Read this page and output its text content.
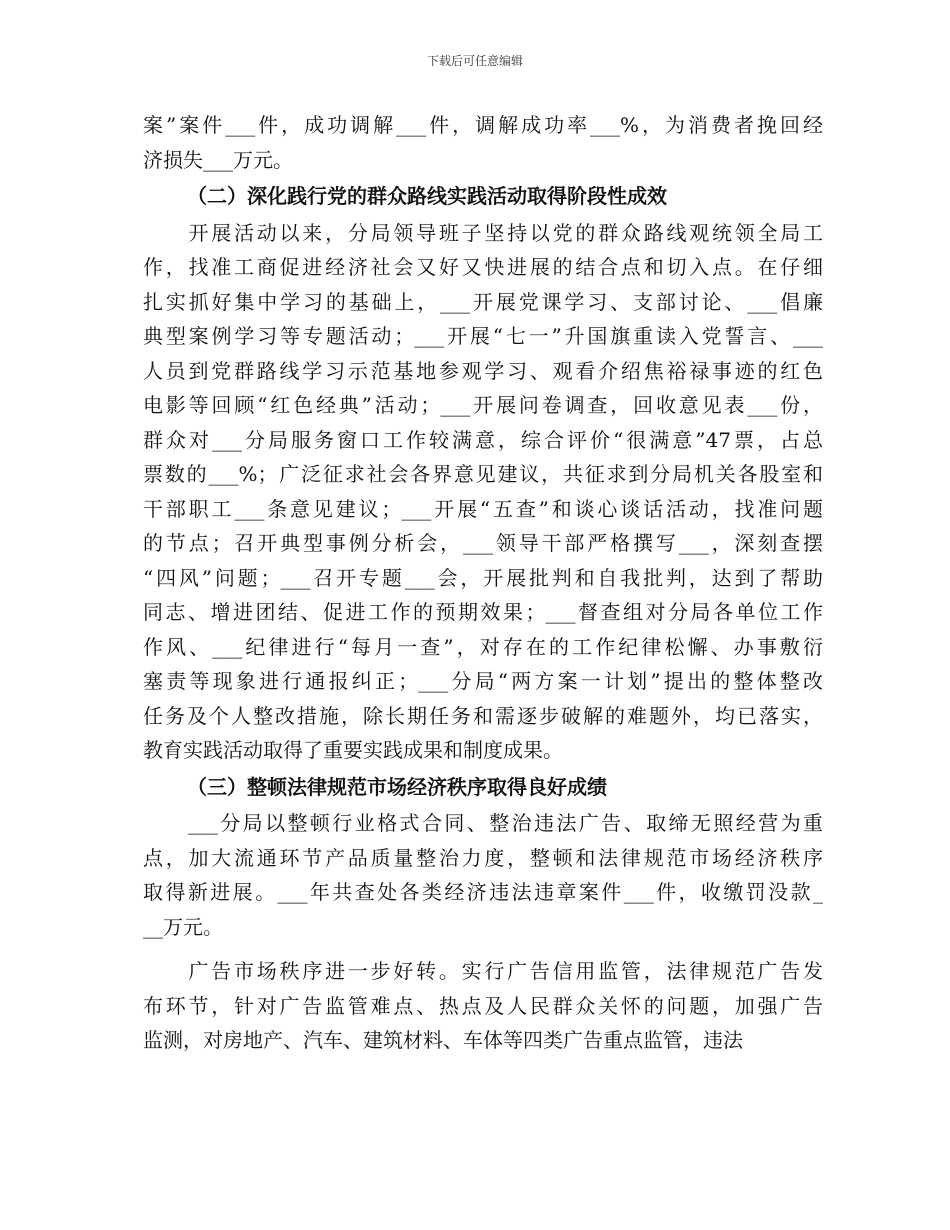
下载后可任意编辑
案”案件___件，成功调解___件，调解成功率___%，为消费者挽回经
济损失___万元。
（二）深化践行党的群众路线实践活动取得阶段性成效
　　开展活动以来，分局领导班子坚持以党的群众路线观统领全局工
作，找准工商促进经济社会又好又快进展的结合点和切入点。在仔细
扎实抓好集中学习的基础上，___开展党课学习、支部讨论、___倡廉
典型案例学习等专题活动；___开展“七一”升国旗重读入党誓言、___
人员到党群路线学习示范基地参观学习、观看介绍焦裕禄事迹的红色
电影等回顾“红色经典”活动；___开展问卷调查，回收意见表___份，
群众对___分局服务窗口工作较满意，综合评价“很满意”47票，占总
票数的___%；广泛征求社会各界意见建议，共征求到分局机关各股室和
干部职工___条意见建议；___开展“五查”和谈心谈话活动，找准问题
的节点；召开典型事例分析会，___领导干部严格撰写___，深刻查摆
“四风”问题；___召开专题___会，开展批判和自我批判，达到了帮助
同志、增进团结、促进工作的预期效果；___督查组对分局各单位工作
作风、___纪律进行“每月一查”，对存在的工作纪律松懈、办事敷衍
塞责等现象进行通报纠正；___分局“两方案一计划”提出的整体整改
任务及个人整改措施，除长期任务和需逐步破解的难题外，均已落实，
教育实践活动取得了重要实践成果和制度成果。
（三）整顿法律规范市场经济秩序取得良好成绩
　　___分局以整顿行业格式合同、整治违法广告、取缔无照经营为重
点，加大流通环节产品质量整治力度，整顿和法律规范市场经济秩序
取得新进展。___年共查处各类经济违法违章案件___件，收缴罚没款_
__万元。
　　广告市场秩序进一步好转。实行广告信用监管，法律规范广告发
布环节，针对广告监管难点、热点及人民群众关怀的问题，加强广告
监测，对房地产、汽车、建筑材料、车体等四类广告重点监管，违法
